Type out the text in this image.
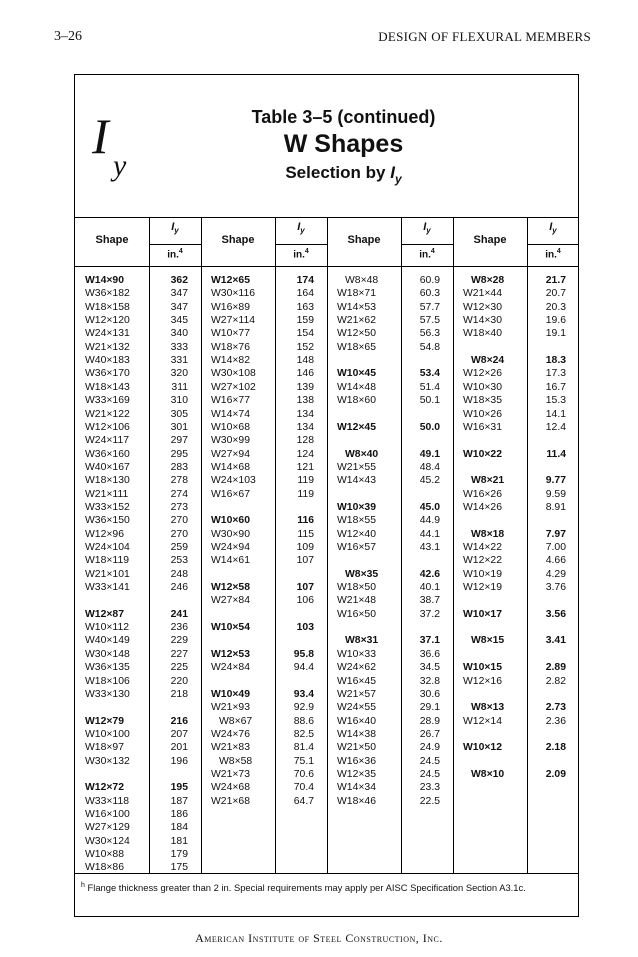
3–26	DESIGN OF FLEXURAL MEMBERS
I
y
Table 3–5 (continued)
W Shapes
Selection by $I_y$
Shape
$I_y$
in.$^4$
W14×90	362
W36×182	347
W18×158	347
W12×120	345
W24×131	340
W21×132	333
W40×183	331
W36×170	320
W18×143	311
W33×169	310
W21×122	305
W12×106	301
W24×117	297
W36×160	295
W40×167	283
W18×130	278
W21×111	274
W33×152	273
W36×150	270
W12×96	270
W24×104	259
W18×119	253
W21×101	248
W33×141	246
W12×87	241
W10×112	236
W40×149	229
W30×148	227
W36×135	225
W18×106	220
W33×130	218
W12×79	216
W10×100	207
W18×97	201
W30×132	196
W12×72	195
W33×118	187
W16×100	186
W27×129	184
W30×124	181
W10×88	179
W18×86	175
Shape
$I_y$
in.$^4$
W12×65	174
W30×116	164
W16×89	163
W27×114	159
W10×77	154
W18×76	152
W14×82	148
W30×108	146
W27×102	139
W16×77	138
W14×74	134
W10×68	134
W30×99	128
W27×94	124
W14×68	121
W24×103	119
W16×67	119
W10×60	116
W30×90	115
W24×94	109
W14×61	107
W12×58	107
W27×84	106
W10×54	103
W12×53	95.8
W24×84	94.4
W10×49	93.4
W21×93	92.9
W8×67	88.6
W24×76	82.5
W21×83	81.4
W8×58	75.1
W21×73	70.6
W24×68	70.4
W21×68	64.7
Shape
$I_y$
in.$^4$
W8×48	60.9
W18×71	60.3
W14×53	57.7
W21×62	57.5
W12×50	56.3
W18×65	54.8
W10×45	53.4
W14×48	51.4
W18×60	50.1
W12×45	50.0
W8×40	49.1
W21×55	48.4
W14×43	45.2
W10×39	45.0
W18×55	44.9
W12×40	44.1
W16×57	43.1
W8×35	42.6
W18×50	40.1
W21×48	38.7
W16×50	37.2
W8×31	37.1
W10×33	36.6
W24×62	34.5
W16×45	32.8
W21×57	30.6
W24×55	29.1
W16×40	28.9
W14×38	26.7
W21×50	24.9
W16×36	24.5
W12×35	24.5
W14×34	23.3
W18×46	22.5
Shape
$I_y$
in.$^4$
W8×28	21.7
W21×44	20.7
W12×30	20.3
W14×30	19.6
W18×40	19.1
W8×24	18.3
W12×26	17.3
W10×30	16.7
W18×35	15.3
W10×26	14.1
W16×31	12.4
W10×22	11.4
W8×21	9.77
W16×26	9.59
W14×26	8.91
W8×18	7.97
W14×22	7.00
W12×22	4.66
W10×19	4.29
W12×19	3.76
W10×17	3.56
W8×15	3.41
W10×15	2.89
W12×16	2.82
W8×13	2.73
W12×14	2.36
W10×12	2.18
W8×10	2.09
$^h$ Flange thickness greater than 2 in. Special requirements may apply per AISC Specification Section A3.1c.
American Institute of Steel Construction, Inc.
